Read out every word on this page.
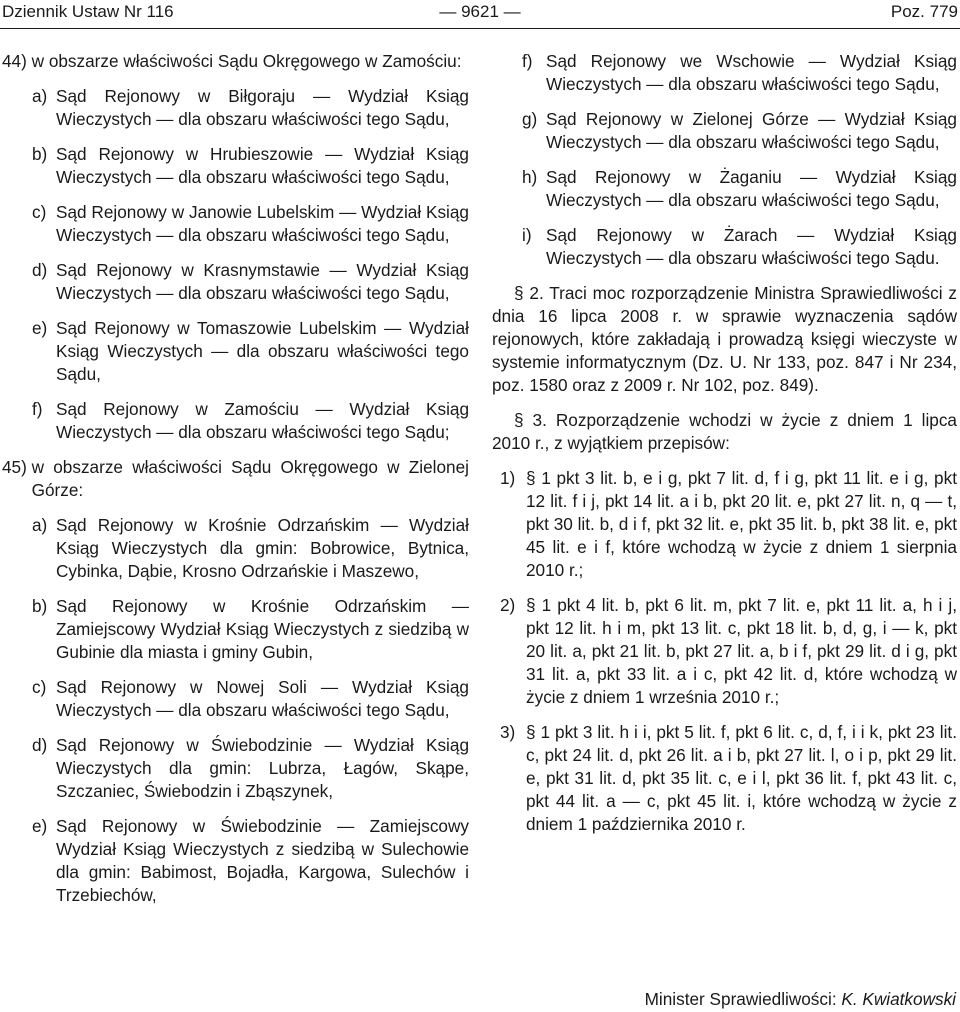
— 9621 —
Dziennik Ustaw Nr 116	Poz. 779
44)
w obszarze właściwości Sądu Okręgowego w Zamościu:
a) Sąd Rejonowy w Biłgoraju — Wydział Ksiąg Wieczystych — dla obszaru właściwości tego Sądu,
b) Sąd Rejonowy w Hrubieszowie — Wydział Ksiąg Wieczystych — dla obszaru właściwości tego Sądu,
c) Sąd Rejonowy w Janowie Lubelskim — Wydział Ksiąg Wieczystych — dla obszaru właściwości tego Sądu,
d) Sąd Rejonowy w Krasnymstawie — Wydział Ksiąg Wieczystych — dla obszaru właściwości tego Sądu,
e) Sąd Rejonowy w Tomaszowie Lubelskim — Wydział Ksiąg Wieczystych — dla obszaru właściwości tego Sądu,
f) Sąd Rejonowy w Zamościu — Wydział Ksiąg Wieczystych — dla obszaru właściwości tego Sądu;
45)
w obszarze właściwości Sądu Okręgowego w Zielonej Górze:
a) Sąd Rejonowy w Krośnie Odrzańskim — Wydział Ksiąg Wieczystych dla gmin: Bobrowice, Bytnica, Cybinka, Dąbie, Krosno Odrzańskie i Maszewo,
b) Sąd Rejonowy w Krośnie Odrzańskim — Zamiejscowy Wydział Ksiąg Wieczystych z siedzibą w Gubinie dla miasta i gminy Gubin,
c) Sąd Rejonowy w Nowej Soli — Wydział Ksiąg Wieczystych — dla obszaru właściwości tego Sądu,
d) Sąd Rejonowy w Świebodzinie — Wydział Ksiąg Wieczystych dla gmin: Lubrza, Łagów, Skąpe, Szczaniec, Świebodzin i Zbąszynek,
e) Sąd Rejonowy w Świebodzinie — Zamiejscowy Wydział Ksiąg Wieczystych z siedzibą w Sulechowie dla gmin: Babimost, Bojadła, Kargowa, Sulechów i Trzebiechów,
f) Sąd Rejonowy we Wschowie — Wydział Ksiąg Wieczystych — dla obszaru właściwości tego Sądu,
g) Sąd Rejonowy w Zielonej Górze — Wydział Ksiąg Wieczystych — dla obszaru właściwości tego Sądu,
h) Sąd Rejonowy w Żaganiu — Wydział Ksiąg Wieczystych — dla obszaru właściwości tego Sądu,
i) Sąd Rejonowy w Żarach — Wydział Ksiąg Wieczystych — dla obszaru właściwości tego Sądu.

§ 2. Traci moc rozporządzenie Ministra Sprawiedliwości z dnia 16 lipca 2008 r. w sprawie wyznaczenia sądów rejonowych, które zakładają i prowadzą księgi wieczyste w systemie informatycznym (Dz. U. Nr 133, poz. 847 i Nr 234, poz. 1580 oraz z 2009 r. Nr 102, poz. 849).

§ 3. Rozporządzenie wchodzi w życie z dniem 1 lipca 2010 r., z wyjątkiem przepisów:

1) § 1 pkt 3 lit. b, e i g, pkt 7 lit. d, f i g, pkt 11 lit. e i g, pkt 12 lit. f i j, pkt 14 lit. a i b, pkt 20 lit. e, pkt 27 lit. n, q — t, pkt 30 lit. b, d i f, pkt 32 lit. e, pkt 35 lit. b, pkt 38 lit. e, pkt 45 lit. e i f, które wchodzą w życie z dniem 1 sierpnia 2010 r.;
2) § 1 pkt 4 lit. b, pkt 6 lit. m, pkt 7 lit. e, pkt 11 lit. a, h i j, pkt 12 lit. h i m, pkt 13 lit. c, pkt 18 lit. b, d, g, i — k, pkt 20 lit. a, pkt 21 lit. b, pkt 27 lit. a, b i f, pkt 29 lit. d i g, pkt 31 lit. a, pkt 33 lit. a i c, pkt 42 lit. d, które wchodzą w życie z dniem 1 września 2010 r.;
3) § 1 pkt 3 lit. h i i, pkt 5 lit. f, pkt 6 lit. c, d, f, i i k, pkt 23 lit. c, pkt 24 lit. d, pkt 26 lit. a i b, pkt 27 lit. l, o i p, pkt 29 lit. e, pkt 31 lit. d, pkt 35 lit. c, e i l, pkt 36 lit. f, pkt 43 lit. c, pkt 44 lit. a — c, pkt 45 lit. i, które wchodzą w życie z dniem 1 października 2010 r.
Minister Sprawiedliwości: K. Kwiatkowski
